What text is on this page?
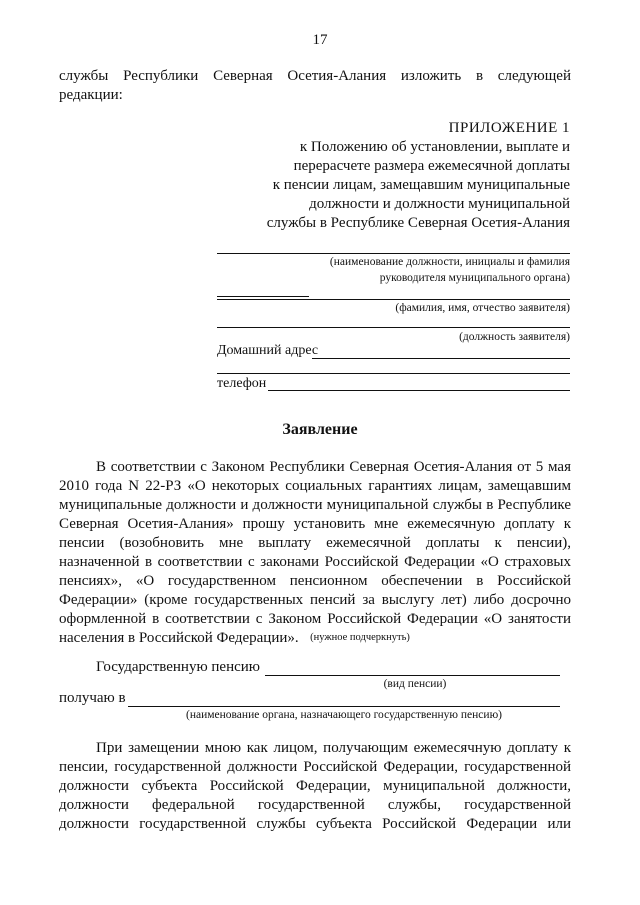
17
службы Республики Северная Осетия-Алания изложить в следующей
редакции:
ПРИЛОЖЕНИЕ 1
к Положению об установлении, выплате и
перерасчете размера ежемесячной доплаты
к пенсии лицам, замещавшим муниципальные
должности и должности муниципальной
службы в Республике Северная Осетия-Алания
(наименование должности, инициалы и фамилия
руководителя муниципального органа)
(фамилия, имя, отчество заявителя)
(должность заявителя)
Домашний адрес
телефон
Заявление
В соответствии с Законом Республики Северная Осетия-Алания от 5 мая
2010 года N 22-РЗ «О некоторых социальных гарантиях лицам, замещавшим
муниципальные должности и должности муниципальной службы в Республике
Северная Осетия-Алания» прошу установить мне ежемесячную доплату к
пенсии (возобновить мне выплату ежемесячной доплаты к пенсии),
назначенной в соответствии с законами Российской Федерации «О страховых
пенсиях», «О государственном пенсионном обеспечении в Российской
Федерации» (кроме государственных пенсий за выслугу лет) либо досрочно
оформленной в соответствии с Законом Российской Федерации «О занятости
населения в Российской Федерации».	(нужное подчеркнуть)
Государственную пенсию
(вид пенсии)
получаю в
(наименование органа, назначающего государственную пенсию)
При замещении мною как лицом, получающим ежемесячную доплату к
пенсии, государственной должности Российской Федерации, государственной
должности субъекта Российской Федерации, муниципальной должности,
должности федеральной государственной службы, государственной
должности государственной службы субъекта Российской Федерации или
